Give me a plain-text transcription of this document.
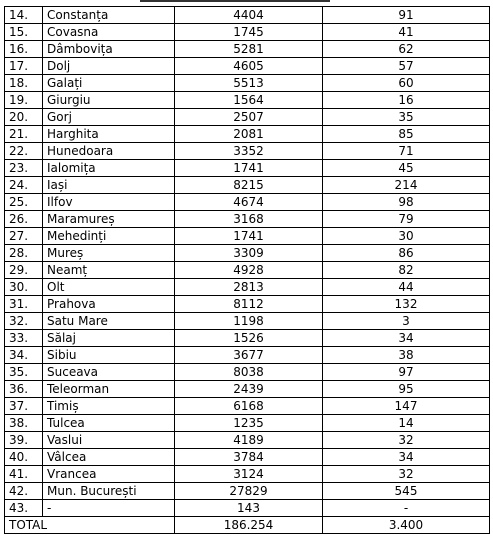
14.	Constanța	4404	91
15.	Covasna	1745	41
16.	Dâmbovița	5281	62
17.	Dolj	4605	57
18.	Galați	5513	60
19.	Giurgiu	1564	16
20.	Gorj	2507	35
21.	Harghita	2081	85
22.	Hunedoara	3352	71
23.	Ialomița	1741	45
24.	Iași	8215	214
25.	Ilfov	4674	98
26.	Maramureș	3168	79
27.	Mehedinți	1741	30
28.	Mureș	3309	86
29.	Neamț	4928	82
30.	Olt	2813	44
31.	Prahova	8112	132
32.	Satu Mare	1198	3
33.	Sălaj	1526	34
34.	Sibiu	3677	38
35.	Suceava	8038	97
36.	Teleorman	2439	95
37.	Timiș	6168	147
38.	Tulcea	1235	14
39.	Vaslui	4189	32
40.	Vâlcea	3784	34
41.	Vrancea	3124	32
42.	Mun. București	27829	545
43.	-	143	-
TOTAL		186.254	3.400
